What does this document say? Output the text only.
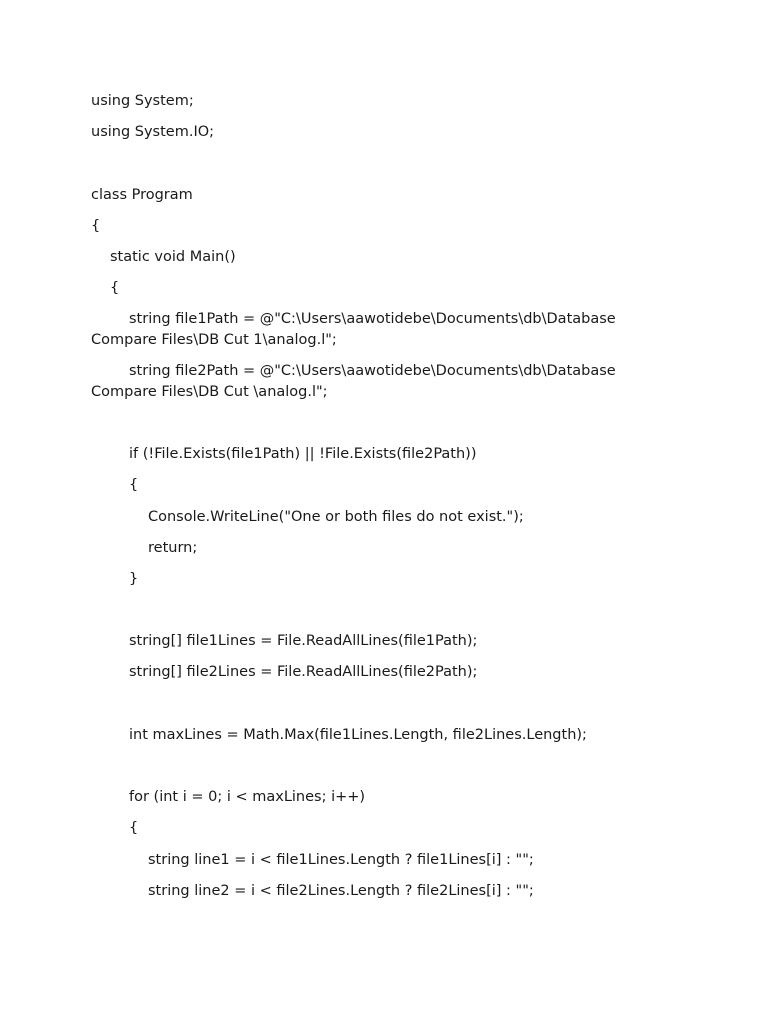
using System;
using System.IO;
class Program
{
static void Main()
{
string file1Path = @"C:\Users\aawotidebe\Documents\db\Database Compare Files\DB Cut 1\analog.l";
string file2Path = @"C:\Users\aawotidebe\Documents\db\Database Compare Files\DB Cut \analog.l";
if (!File.Exists(file1Path) || !File.Exists(file2Path))
{
Console.WriteLine("One or both files do not exist.");
return;
}
string[] file1Lines = File.ReadAllLines(file1Path);
string[] file2Lines = File.ReadAllLines(file2Path);
int maxLines = Math.Max(file1Lines.Length, file2Lines.Length);
for (int i = 0; i < maxLines; i++)
{
string line1 = i < file1Lines.Length ? file1Lines[i] : "";
string line2 = i < file2Lines.Length ? file2Lines[i] : "";
